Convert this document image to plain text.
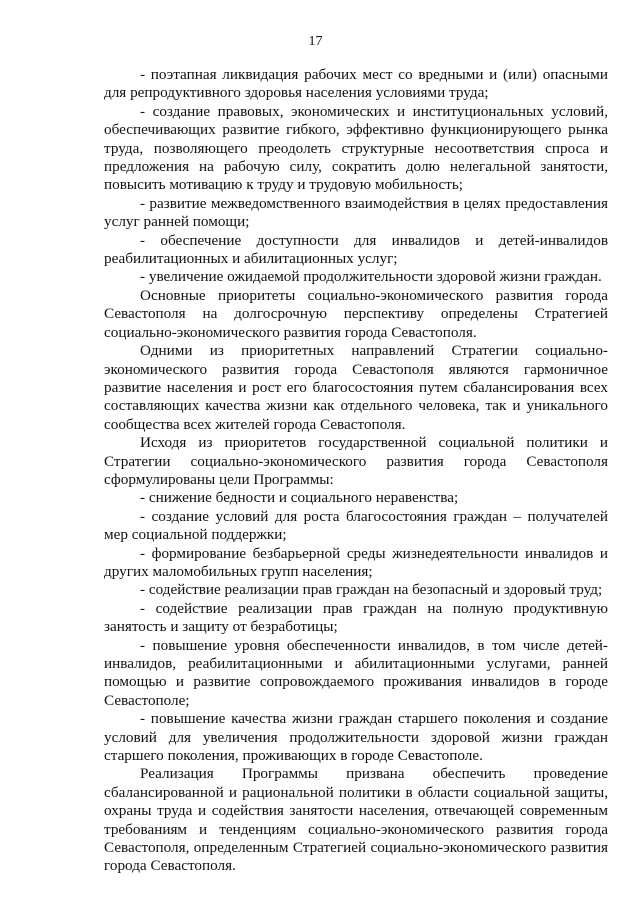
17

- поэтапная ликвидация рабочих мест со вредными и (или) опасными для репродуктивного здоровья населения условиями труда;

- создание правовых, экономических и институциональных условий, обеспечивающих развитие гибкого, эффективно функционирующего рынка труда, позволяющего преодолеть структурные несоответствия спроса и предложения на рабочую силу, сократить долю нелегальной занятости, повысить мотивацию к труду и трудовую мобильность;

- развитие межведомственного взаимодействия в целях предоставления услуг ранней помощи;

- обеспечение доступности для инвалидов и детей-инвалидов реабилитационных и абилитационных услуг;

- увеличение ожидаемой продолжительности здоровой жизни граждан.

Основные приоритеты социально-экономического развития города Севастополя на долгосрочную перспективу определены Стратегией социально-экономического развития города Севастополя.

Одними из приоритетных направлений Стратегии социально-экономического развития города Севастополя являются гармоничное развитие населения и рост его благосостояния путем сбалансирования всех составляющих качества жизни как отдельного человека, так и уникального сообщества всех жителей города Севастополя.

Исходя из приоритетов государственной социальной политики и Стратегии социально-экономического развития города Севастополя сформулированы цели Программы:

- снижение бедности и социального неравенства;

- создание условий для роста благосостояния граждан – получателей мер социальной поддержки;

- формирование безбарьерной среды жизнедеятельности инвалидов и других маломобильных групп населения;

- содействие реализации прав граждан на безопасный и здоровый труд;

- содействие реализации прав граждан на полную продуктивную занятость и защиту от безработицы;

- повышение уровня обеспеченности инвалидов, в том числе детей-инвалидов, реабилитационными и абилитационными услугами, ранней помощью и развитие сопровождаемого проживания инвалидов в городе Севастополе;

- повышение качества жизни граждан старшего поколения и создание условий для увеличения продолжительности здоровой жизни граждан старшего поколения, проживающих в городе Севастополе.

Реализация Программы призвана обеспечить проведение сбалансированной и рациональной политики в области социальной защиты, охраны труда и содействия занятости населения, отвечающей современным требованиям и тенденциям социально-экономического развития города Севастополя, определенным Стратегией социально-экономического развития города Севастополя.
